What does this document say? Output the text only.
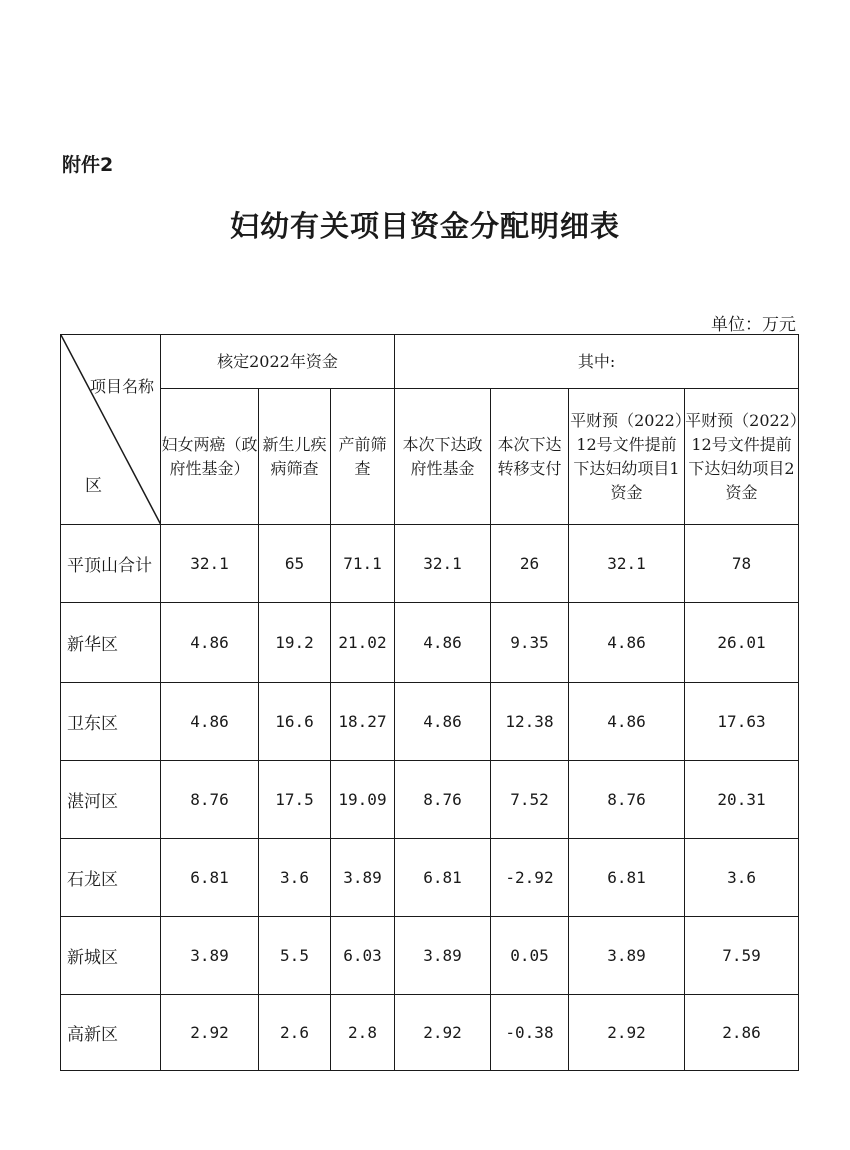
附件2
妇幼有关项目资金分配明细表
单位：万元
项目名称
区	核定2022年资金			其中:			
	妇女两癌（政府性基金）	新生儿疾病筛查	产前筛查	本次下达政府性基金	本次下达转移支付	平财预（2022）12号文件提前下达妇幼项目1资金	平财预（2022）12号文件提前下达妇幼项目2资金
平顶山合计	32.1	65	71.1	32.1	26	32.1	78
新华区	4.86	19.2	21.02	4.86	9.35	4.86	26.01
卫东区	4.86	16.6	18.27	4.86	12.38	4.86	17.63
湛河区	8.76	17.5	19.09	8.76	7.52	8.76	20.31
石龙区	6.81	3.6	3.89	6.81	-2.92	6.81	3.6
新城区	3.89	5.5	6.03	3.89	0.05	3.89	7.59
高新区	2.92	2.6	2.8	2.92	-0.38	2.92	2.86
